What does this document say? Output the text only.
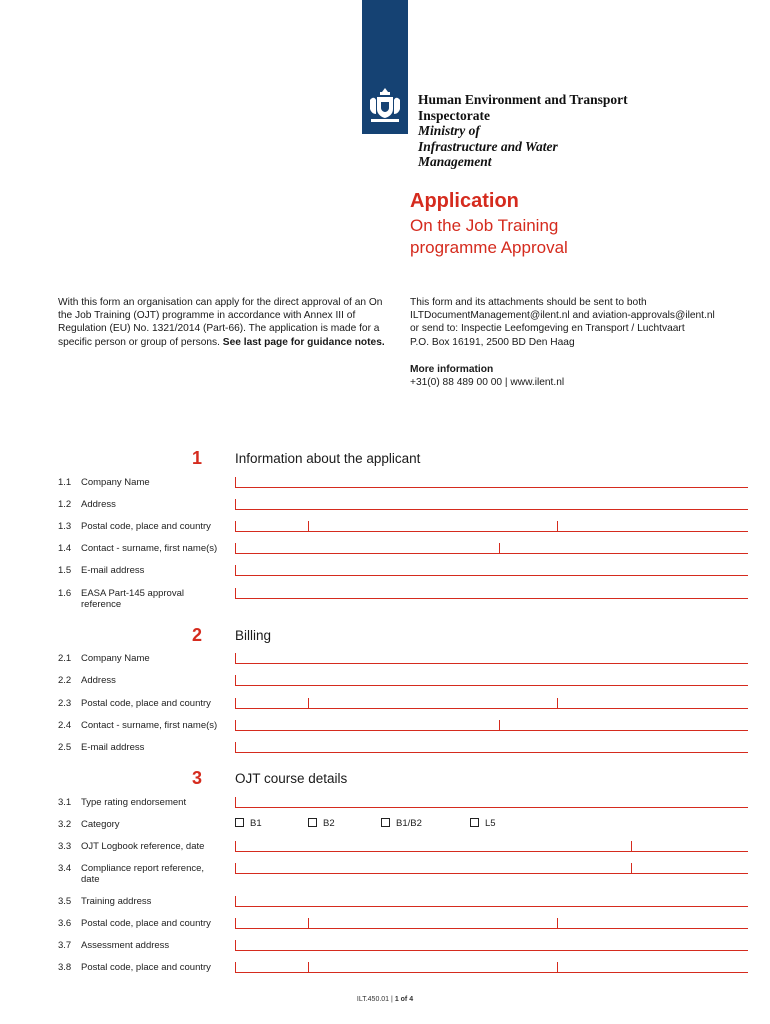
Human Environment and Transport Inspectorate
Ministry of Infrastructure and Water Management
Application
On the Job Training
programme Approval
With this form an organisation can apply for the direct approval of an On the Job Training (OJT) programme in accordance with Annex III of Regulation (EU) No. 1321/2014 (Part-66). The application is made for a specific person or group of persons. See last page for guidance notes.
This form and its attachments should be sent to both
ILTDocumentManagement@ilent.nl and aviation-approvals@ilent.nl
or send to: Inspectie Leefomgeving en Transport / Luchtvaart
P.O. Box 16191, 2500 BD Den Haag
More information
+31(0) 88 489 00 00 | www.ilent.nl
1 Information about the applicant
1.1	Company Name
1.2	Address
1.3	Postal code, place and country
1.4	Contact - surname, first name(s)
1.5	E-mail address
1.6	EASA Part-145 approval reference
2 Billing
2.1	Company Name
2.2	Address
2.3	Postal code, place and country
2.4	Contact - surname, first name(s)
2.5	E-mail address
3 OJT course details
3.1	Type rating endorsement
3.2	Category	B1	B2	B1/B2	L5
3.3	OJT Logbook reference, date
3.4	Compliance report reference, date
3.5	Training address
3.6	Postal code, place and country
3.7	Assessment address
3.8	Postal code, place and country
ILT.450.01 | 1 of 4
